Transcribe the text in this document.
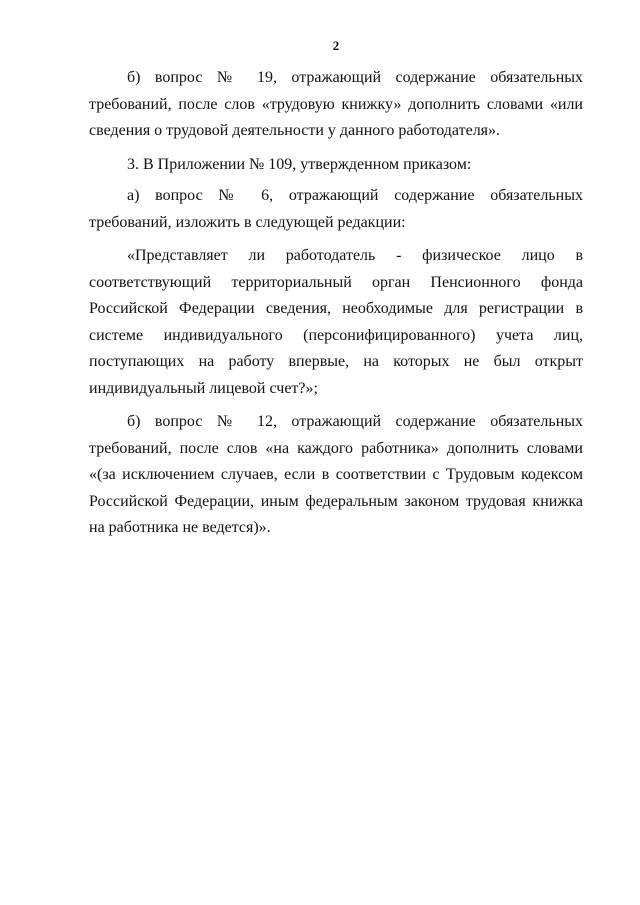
2

б) вопрос № 19, отражающий содержание обязательных требований, после слов «трудовую книжку» дополнить словами «или сведения о трудовой деятельности у данного работодателя».

3. В Приложении № 109, утвержденном приказом:

а) вопрос № 6, отражающий содержание обязательных требований, изложить в следующей редакции:

«Представляет ли работодатель - физическое лицо в соответствующий территориальный орган Пенсионного фонда Российской Федерации сведения, необходимые для регистрации в системе индивидуального (персонифицированного) учета лиц, поступающих на работу впервые, на которых не был открыт индивидуальный лицевой счет?»;

б) вопрос № 12, отражающий содержание обязательных требований, после слов «на каждого работника» дополнить словами «(за исключением случаев, если в соответствии с Трудовым кодексом Российской Федерации, иным федеральным законом трудовая книжка на работника не ведется)».
